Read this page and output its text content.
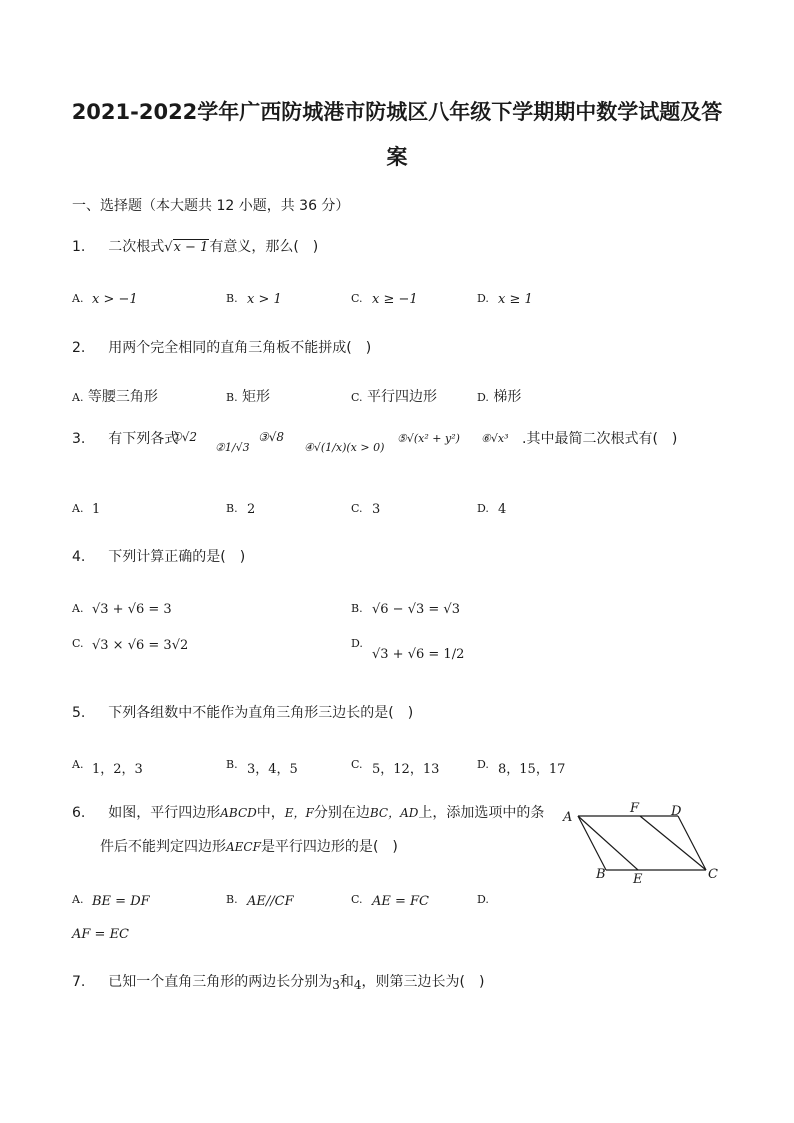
2021-2022学年广西防城港市防城区八年级下学期期中数学试题及答
案
一、选择题（本大题共 12 小题，共 36 分）
1. 二次根式√x − 1有意义，那么(　)
A. x > −1	B. x > 1	C. x ≥ −1	D. x ≥ 1
2. 用两个完全相同的直角三角板不能拼成(　)
A. 等腰三角形	B. 矩形	C. 平行四边形	D. 梯形
3. 有下列各式
①√2
②1/√3
③√8
④√(1/x)(x > 0)
⑤√(x² + y²) ⑥√x³ .其中最简二次根式有(　)
A. 1	B. 2	C. 3	D. 4
4. 下列计算正确的是(　)
A. √3 + √6 = 3	B. √6 − √3 = √3
C. √3 × √6 = 3√2	D.
√3 + √6 = 1/2
5. 下列各组数中不能作为直角三角形三边长的是(　)
A. 1，2，3	B. 3，4，5	C. 5，12，13	D. 8，15，17
6. 如图，平行四边形ABCD中，E，F分别在边BC，AD上，添加选项中的条
件后不能判定四边形AECF是平行四边形的是(　)
A
F D
B E	C
A. BE = DF	B. AE//CF	C. AE = FC	D.
AF = EC
7. 已知一个直角三角形的两边长分别为3和4，则第三边长为(　)
